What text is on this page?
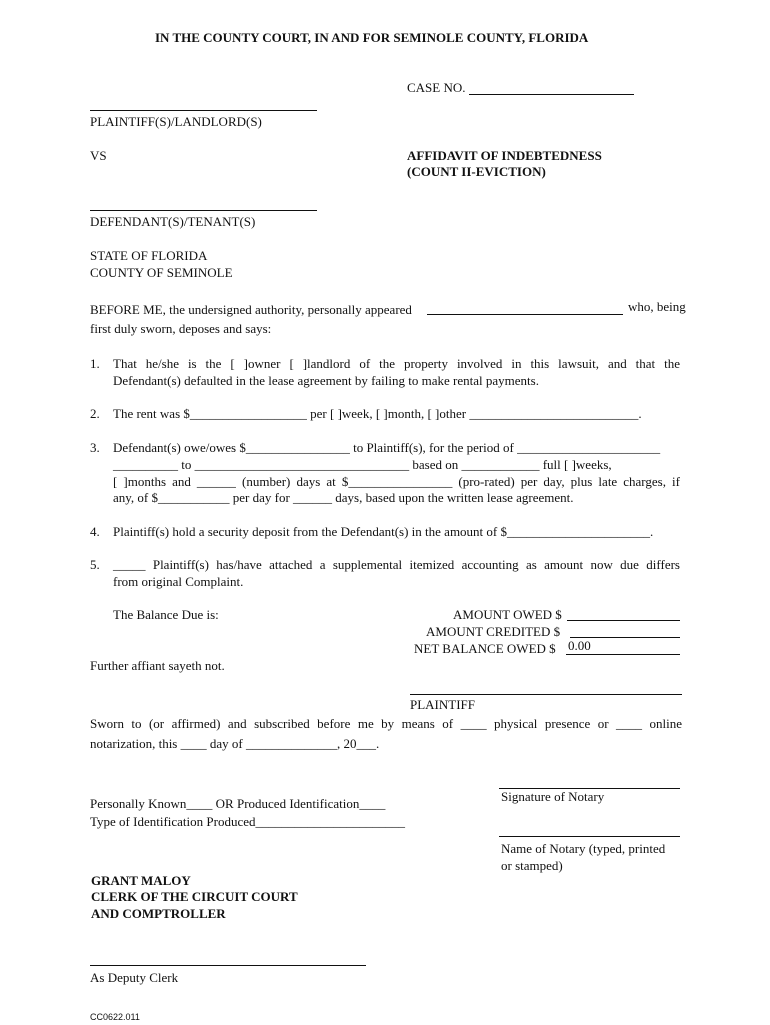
IN THE COUNTY COURT, IN AND FOR SEMINOLE COUNTY, FLORIDA
CASE NO.
PLAINTIFF(S)/LANDLORD(S)
VS	AFFIDAVIT OF INDEBTEDNESS
(COUNT II-EVICTION)
DEFENDANT(S)/TENANT(S)
STATE OF FLORIDA
COUNTY OF SEMINOLE
BEFORE ME, the undersigned authority, personally appeared	who, being
first duly sworn, deposes and says:
1. That he/she is the [ ]owner [ ]landlord of the property involved in this lawsuit, and that the
Defendant(s) defaulted in the lease agreement by failing to make rental payments.
2. The rent was $__________________ per [ ]week, [ ]month, [ ]other __________________________.
3. Defendant(s) owe/owes $________________ to Plaintiff(s), for the period of ______________________
__________ to _________________________________ based on ____________ full [ ]weeks,
[ ]months and ______ (number) days at $________________ (pro-rated) per day, plus late charges, if
any, of $___________ per day for ______ days, based upon the written lease agreement.
4. Plaintiff(s) hold a security deposit from the Defendant(s) in the amount of $______________________.
5. _____ Plaintiff(s) has/have attached a supplemental itemized accounting as amount now due differs
from original Complaint.
The Balance Due is:	AMOUNT OWED $
AMOUNT CREDITED $
NET BALANCE OWED $ 0.00
Further affiant sayeth not.
PLAINTIFF
Sworn to (or affirmed) and subscribed before me by means of ____ physical presence or ____ online
notarization, this ____ day of ______________, 20___.
Signature of Notary
Personally Known____ OR Produced Identification____
Type of Identification Produced_______________________
Name of Notary (typed, printed
or stamped)
GRANT MALOY
CLERK OF THE CIRCUIT COURT
AND COMPTROLLER
As Deputy Clerk
CC0622.011
